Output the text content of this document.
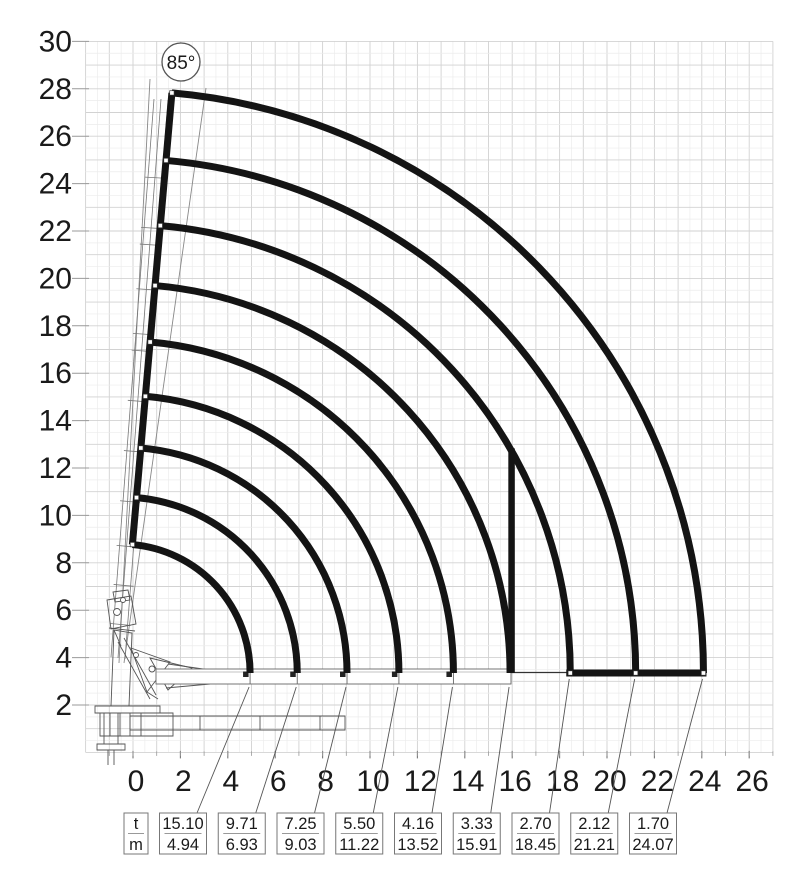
0 2 4 6 8 10 12 14 16 18 20 22 24 26
30
28
26
24
22
20
18
16
14
12
10
8
6
4
2
85°
t
m
15.10
4.94
9.71
6.93
7.25
9.03
5.50
11.22
4.16
13.52
3.33
15.91
2.70
18.45
2.12
21.21
1.70
24.07
